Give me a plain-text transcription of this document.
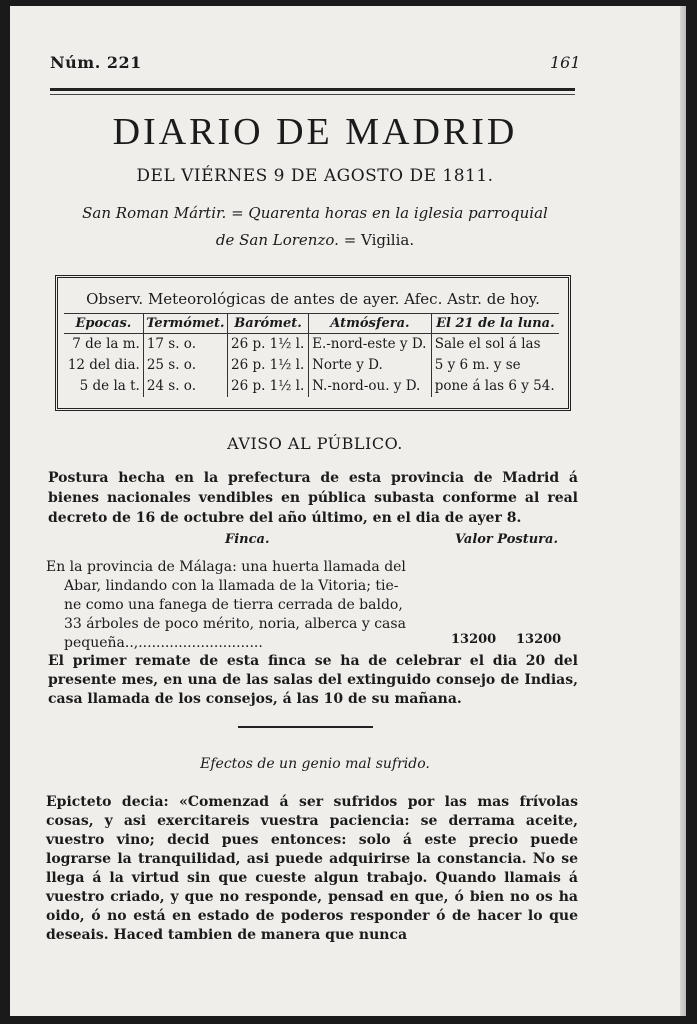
Núm. 221	161
DIARIO DE MADRID
DEL VIÉRNES 9 DE AGOSTO DE 1811.
San Roman Mártir. = Quarenta horas en la iglesia parroquial
de San Lorenzo. = Vigilia.
Observ. Meteorológicas de antes de ayer. Afec. Astr. de hoy.
Epocas.	Termómet.	Barómet.	Atmósfera.	El 21 de la luna.
7 de la m.	17 s. o.	26 p. 1½ l.	E.-nord-este y D.	Sale el sol á las
12 del dia.	25 s. o.	26 p. 1½ l.	Norte y D.	5 y 6 m. y se
5 de la t.	24 s. o.	26 p. 1½ l.	N.-nord-ou. y D.	pone á las 6 y 54.
AVISO AL PÚBLICO.
Postura hecha en la prefectura de esta provincia de Madrid á bienes nacionales vendibles en pública subasta conforme al real decreto de 16 de octubre del año último, en el dia de ayer 8.
Finca.	Valor Postura.
En la provincia de Málaga: una huerta llamada del
Abar, lindando con la llamada de la Vitoria; tie-
ne como una fanega de tierra cerrada de baldo,
33 árboles de poco mérito, noria, alberca y casa
pequeña..,............................	13200 13200
El primer remate de esta finca se ha de celebrar el dia 20 del presente mes, en una de las salas del extinguido consejo de Indias, casa llamada de los consejos, á las 10 de su mañana.
Efectos de un genio mal sufrido.
Epicteto decia: «Comenzad á ser sufridos por las mas frívolas cosas, y asi exercitareis vuestra paciencia: se derrama aceite, vuestro vino; decid pues entonces: solo á este precio puede lograrse la tranquilidad, asi puede adquirirse la constancia. No se llega á la virtud sin que cueste algun trabajo. Quando llamais á vuestro criado, y que no responde, pensad en que, ó bien no os ha oido, ó no está en estado de poderos responder ó de hacer lo que deseais. Haced tambien de manera que nunca
